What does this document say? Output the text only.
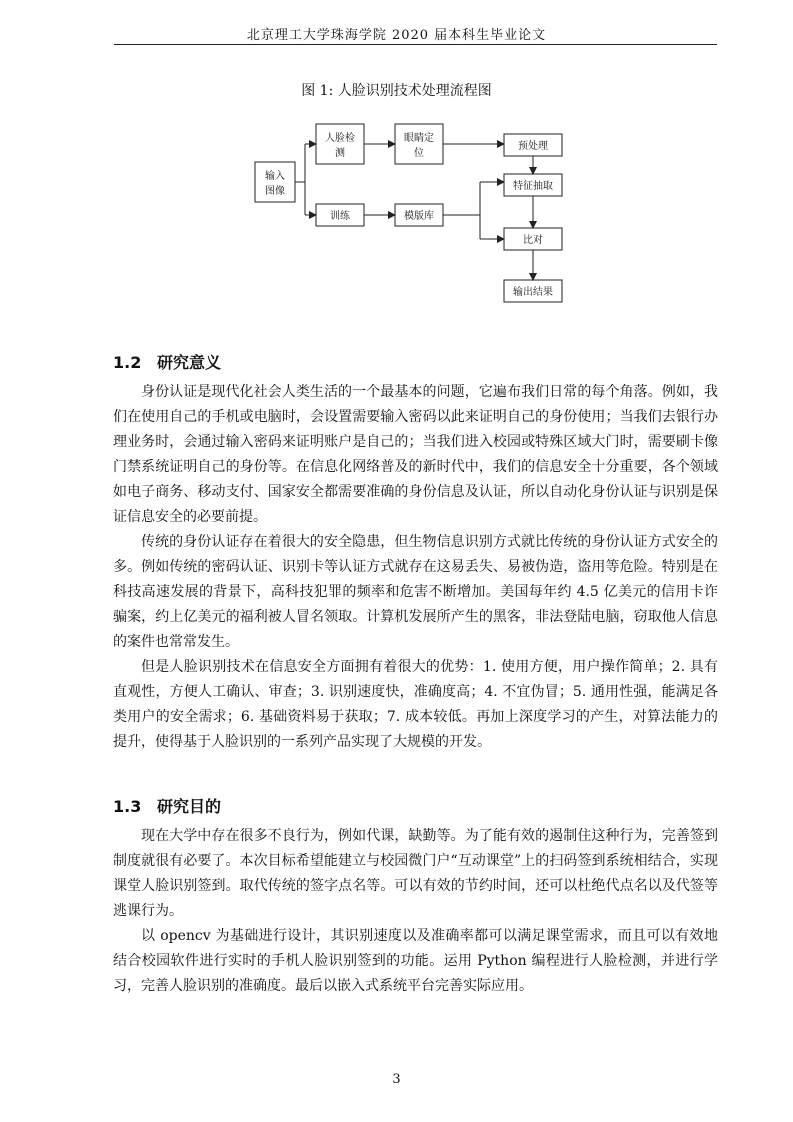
北京理工大学珠海学院 2020 届本科生毕业论文
图 1: 人脸识别技术处理流程图
输入
图像
人脸检
测
眼睛定
位
预处理
特征抽取
训练	模版库
比对
输出结果
1.2 研究意义

身份认证是现代化社会人类生活的一个最基本的问题，它遍布我们日常的每个角落。例如，我们在使用自己的手机或电脑时，会设置需要输入密码以此来证明自己的身份使用；当我们去银行办理业务时，会通过输入密码来证明账户是自己的；当我们进入校园或特殊区域大门时，需要刷卡像门禁系统证明自己的身份等。在信息化网络普及的新时代中，我们的信息安全十分重要，各个领域如电子商务、移动支付、国家安全都需要准确的身份信息及认证，所以自动化身份认证与识别是保证信息安全的必要前提。

传统的身份认证存在着很大的安全隐患，但生物信息识别方式就比传统的身份认证方式安全的多。例如传统的密码认证、识别卡等认证方式就存在这易丢失、易被伪造，盗用等危险。特别是在科技高速发展的背景下，高科技犯罪的频率和危害不断增加。美国每年约 4.5 亿美元的信用卡诈骗案，约上亿美元的福利被人冒名领取。计算机发展所产生的黑客，非法登陆电脑，窃取他人信息的案件也常常发生。

但是人脸识别技术在信息安全方面拥有着很大的优势：1. 使用方便，用户操作简单；2. 具有直观性，方便人工确认、审查；3. 识别速度快，准确度高；4. 不宜伪冒；5. 通用性强，能满足各类用户的安全需求；6. 基础资料易于获取；7. 成本较低。再加上深度学习的产生，对算法能力的提升，使得基于人脸识别的一系列产品实现了大规模的开发。

1.3 研究目的

现在大学中存在很多不良行为，例如代课，缺勤等。为了能有效的遏制住这种行为，完善签到制度就很有必要了。本次目标希望能建立与校园微门户“互动课堂”上的扫码签到系统相结合，实现课堂人脸识别签到。取代传统的签字点名等。可以有效的节约时间，还可以杜绝代点名以及代签等逃课行为。

以 opencv 为基础进行设计，其识别速度以及准确率都可以满足课堂需求，而且可以有效地结合校园软件进行实时的手机人脸识别签到的功能。运用 Python 编程进行人脸检测，并进行学习，完善人脸识别的准确度。最后以嵌入式系统平台完善实际应用。

3
